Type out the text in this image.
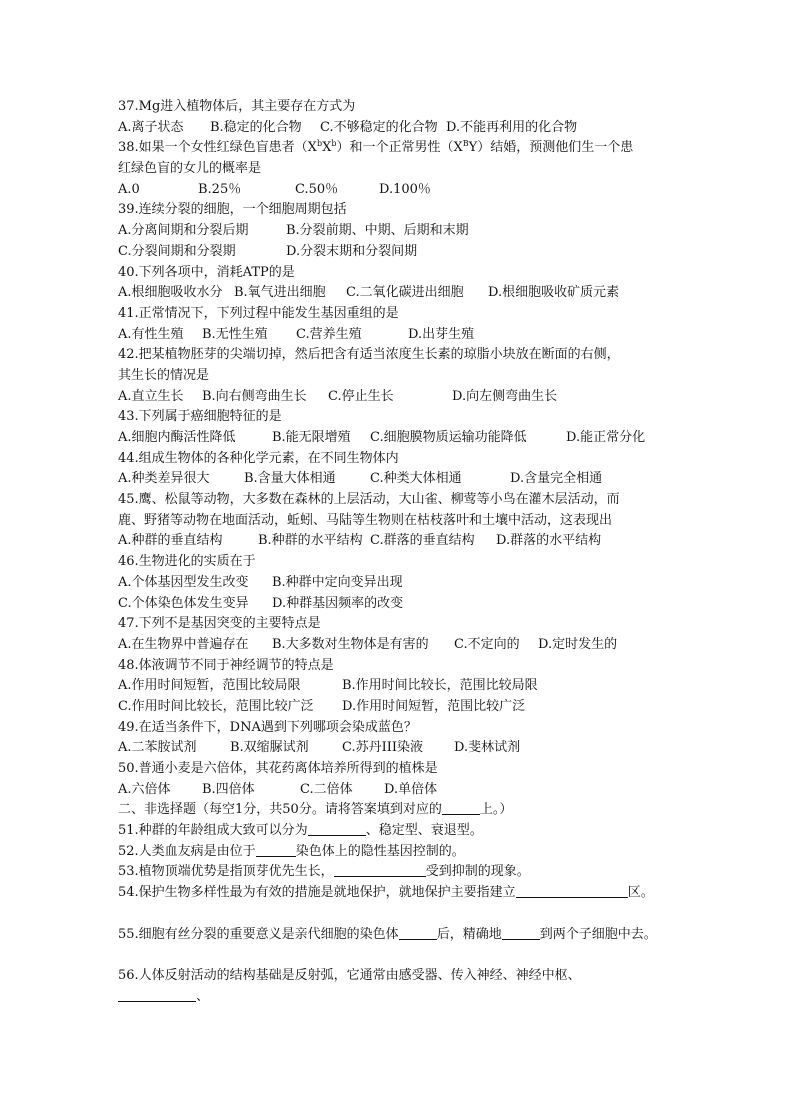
37.Mg进入植物体后，其主要存在方式为
A.离子状态	B.稳定的化合物	C.不够稳定的化合物 D.不能再利用的化合物
38.如果一个女性红绿色盲患者$(X^bX^b)$和一个正常男性$(X^BY)$结婚，预测他们生一个患
红绿色盲的女儿的概率是
A.0	B.25％	C.50％	D.100％
39.连续分裂的细胞，一个细胞周期包括
A.分离间期和分裂后期	B.分裂前期、中期、后期和末期
C.分裂间期和分裂期	D.分裂末期和分裂间期
40.下列各项中，消耗ATP的是
A.根细胞吸收水分 B.氧气进出细胞	C.二氧化碳进出细胞	D.根细胞吸收矿质元素
41.正常情况下，下列过程中能发生基因重组的是
A.有性生殖	B.无性生殖	C.营养生殖	D.出芽生殖
42.把某植物胚芽的尖端切掉，然后把含有适当浓度生长素的琼脂小块放在断面的右侧，
其生长的情况是
A.直立生长	B.向右侧弯曲生长	C.停止生长	D.向左侧弯曲生长
43.下列属于癌细胞特征的是
A.细胞内酶活性降低	B.能无限增殖	C.细胞膜物质运输功能降低	D.能正常分化
44.组成生物体的各种化学元素，在不同生物体内
A.种类差异很大	B.含量大体相通	C.种类大体相通	D.含量完全相通
45.鹰、松鼠等动物，大多数在森林的上层活动，大山雀、柳莺等小鸟在灌木层活动，而
鹿、野猪等动物在地面活动，蚯蚓、马陆等生物则在枯枝落叶和土壤中活动，这表现出
A.种群的垂直结构	B.种群的水平结构 C.群落的垂直结构	D.群落的水平结构
46.生物进化的实质在于
A.个体基因型发生改变	B.种群中定向变异出现
C.个体染色体发生变异	D.种群基因频率的改变
47.下列不是基因突变的主要特点是
A.在生物界中普遍存在	B.大多数对生物体是有害的	C.不定向的	D.定时发生的
48.体液调节不同于神经调节的特点是
A.作用时间短暂，范围比较局限	B.作用时间比较长，范围比较局限
C.作用时间比较长，范围比较广泛	D.作用时间短暂，范围比较广泛
49.在适当条件下，DNA遇到下列哪项会染成蓝色？
A.二苯胺试剂	B.双缩脲试剂	C.苏丹III染液	D.斐林试剂
50.普通小麦是六倍体，其花药离体培养所得到的植株是
A.六倍体	B.四倍体	C.二倍体	D.单倍体
二、非选择题（每空1分，共50分。请将答案填到对应的	上。）
51.种群的年龄组成大致可以分为	、稳定型、衰退型。
52.人类血友病是由位于	染色体上的隐性基因控制的。
53.植物顶端优势是指顶芽优先生长，	受到抑制的现象。
54.保护生物多样性最为有效的措施是就地保护，就地保护主要指建立	区。
55.细胞有丝分裂的重要意义是亲代细胞的染色体	后，精确地	到两个子细胞中去。
56.人体反射活动的结构基础是反射弧，它通常由感受器、传入神经、神经中枢、
、
